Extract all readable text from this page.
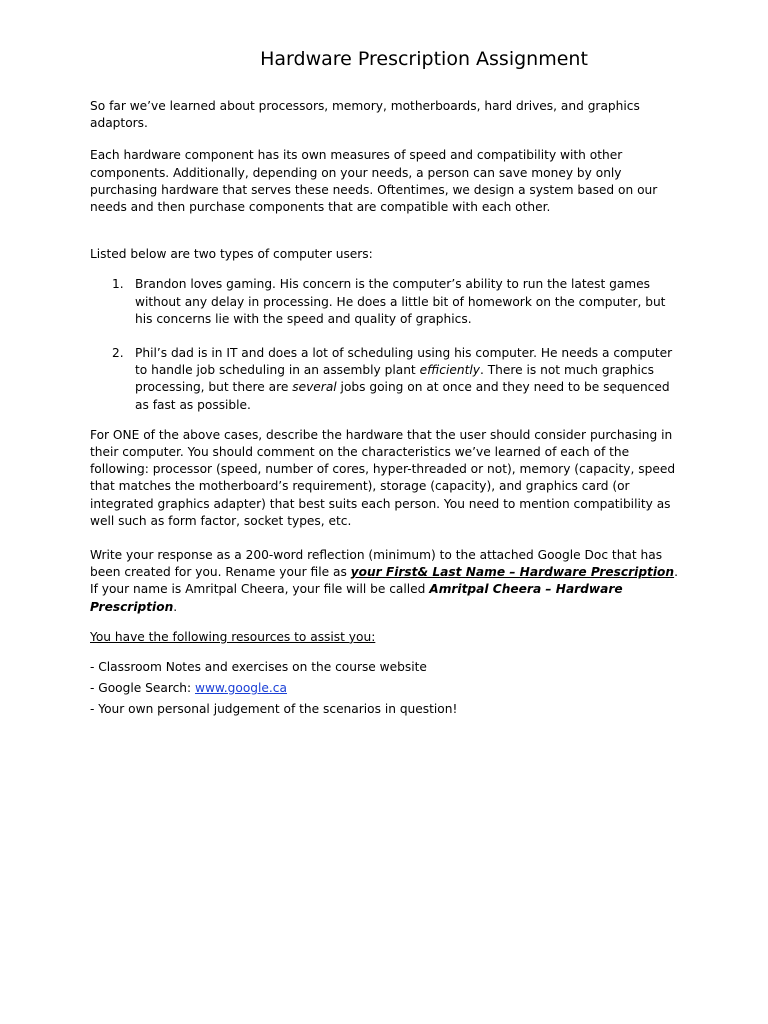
Hardware Prescription Assignment

So far we’ve learned about processors, memory, motherboards, hard drives, and graphics adaptors.

Each hardware component has its own measures of speed and compatibility with other components. Additionally, depending on your needs, a person can save money by only purchasing hardware that serves these needs. Oftentimes, we design a system based on our needs and then purchase components that are compatible with each other.

Listed below are two types of computer users:

1. Brandon loves gaming. His concern is the computer’s ability to run the latest games without any delay in processing. He does a little bit of homework on the computer, but his concerns lie with the speed and quality of graphics.
2. Phil’s dad is in IT and does a lot of scheduling using his computer. He needs a computer to handle job scheduling in an assembly plant efficiently. There is not much graphics processing, but there are several jobs going on at once and they need to be sequenced as fast as possible.

For ONE of the above cases, describe the hardware that the user should consider purchasing in their computer. You should comment on the characteristics we’ve learned of each of the following: processor (speed, number of cores, hyper-threaded or not), memory (capacity, speed that matches the motherboard’s requirement), storage (capacity), and graphics card (or integrated graphics adapter) that best suits each person. You need to mention compatibility as well such as form factor, socket types, etc.

Write your response as a 200-word reflection (minimum) to the attached Google Doc that has been created for you. Rename your file as your First& Last Name – Hardware Prescription. If your name is Amritpal Cheera, your file will be called Amritpal Cheera – Hardware Prescription.

You have the following resources to assist you:

- Classroom Notes and exercises on the course website
- Google Search: www.google.ca
- Your own personal judgement of the scenarios in question!
